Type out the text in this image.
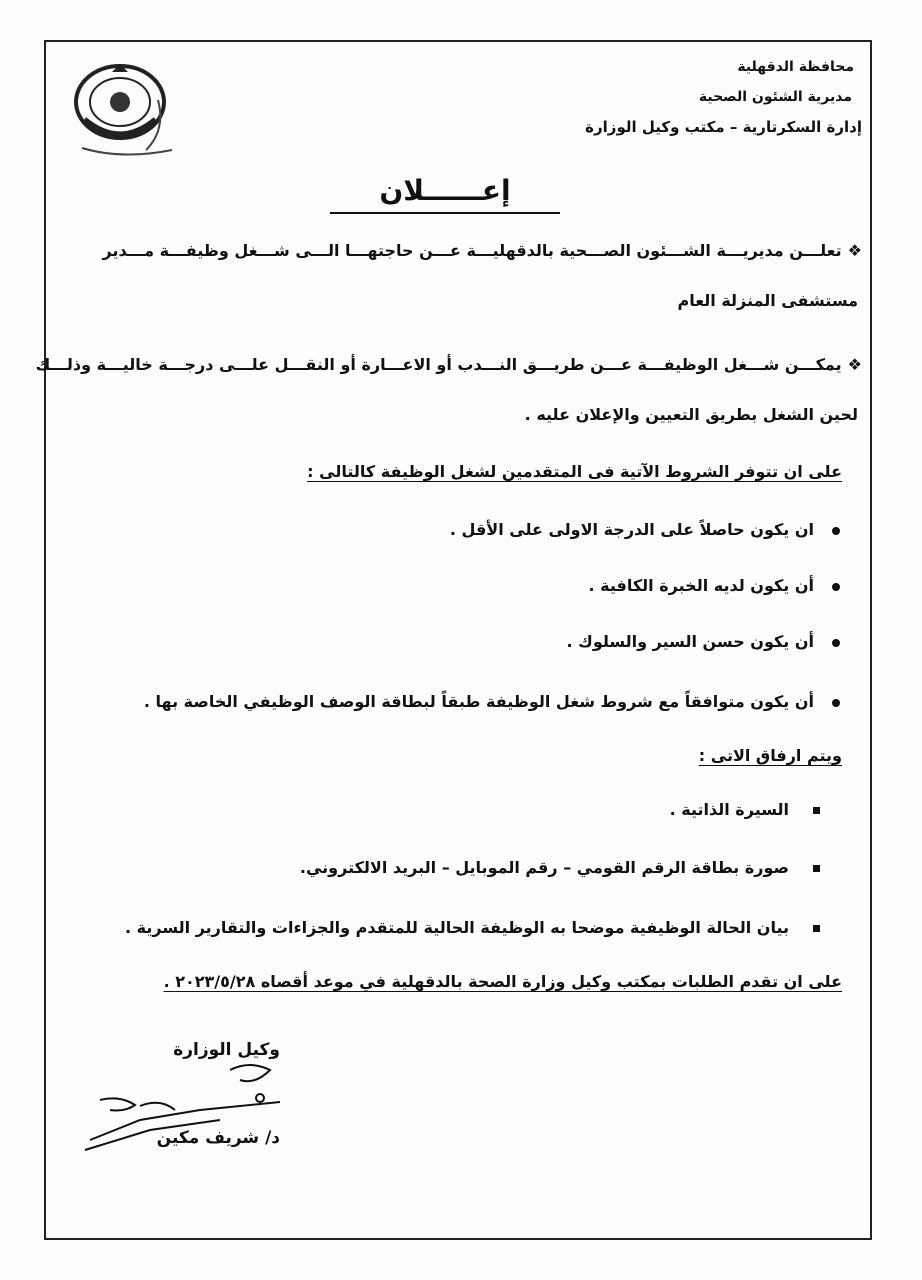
محافظة الدقهلية
مديرية الشئون الصحية
إدارة السكرتارية – مكتب وكيل الوزارة
إعــــــلان
❖تعلـــن مديريـــة الشـــئون الصـــحية بالدقهليـــة عـــن حاجتهـــا الـــى شـــغل وظيفـــة مـــدير
مستشفى المنزلة العام
❖يمكـــن شـــغل الوظيفـــة عـــن طريـــق النـــدب أو الاعـــارة أو النقـــل علـــى درجـــة خاليـــة وذلـــك
لحين الشغل بطريق التعيين والإعلان عليه .
على ان تتوفر الشروط الآتية فى المتقدمين لشغل الوظيفة كالتالى :
ان يكون حاصلاً على الدرجة الاولى على الأقل .
أن يكون لديه الخبرة الكافية .
أن يكون حسن السير والسلوك .
أن يكون متوافقاً مع شروط شغل الوظيفة طبقاً لبطاقة الوصف الوظيفي الخاصة بها .
ويتم ارفاق الاتى :
السيرة الذاتية .
صورة بطاقة الرقم القومي – رقم الموبايل – البريد الالكتروني.
بيان الحالة الوظيفية موضحا به الوظيفة الحالية للمتقدم والجزاءات والتقارير السرية .
على ان تقدم الطلبات بمكتب وكيل وزارة الصحة بالدقهلية في موعد أقصاه ٢٠٢٣/٥/٢٨ .
وكيل الوزارة
د/ شريف مكين
